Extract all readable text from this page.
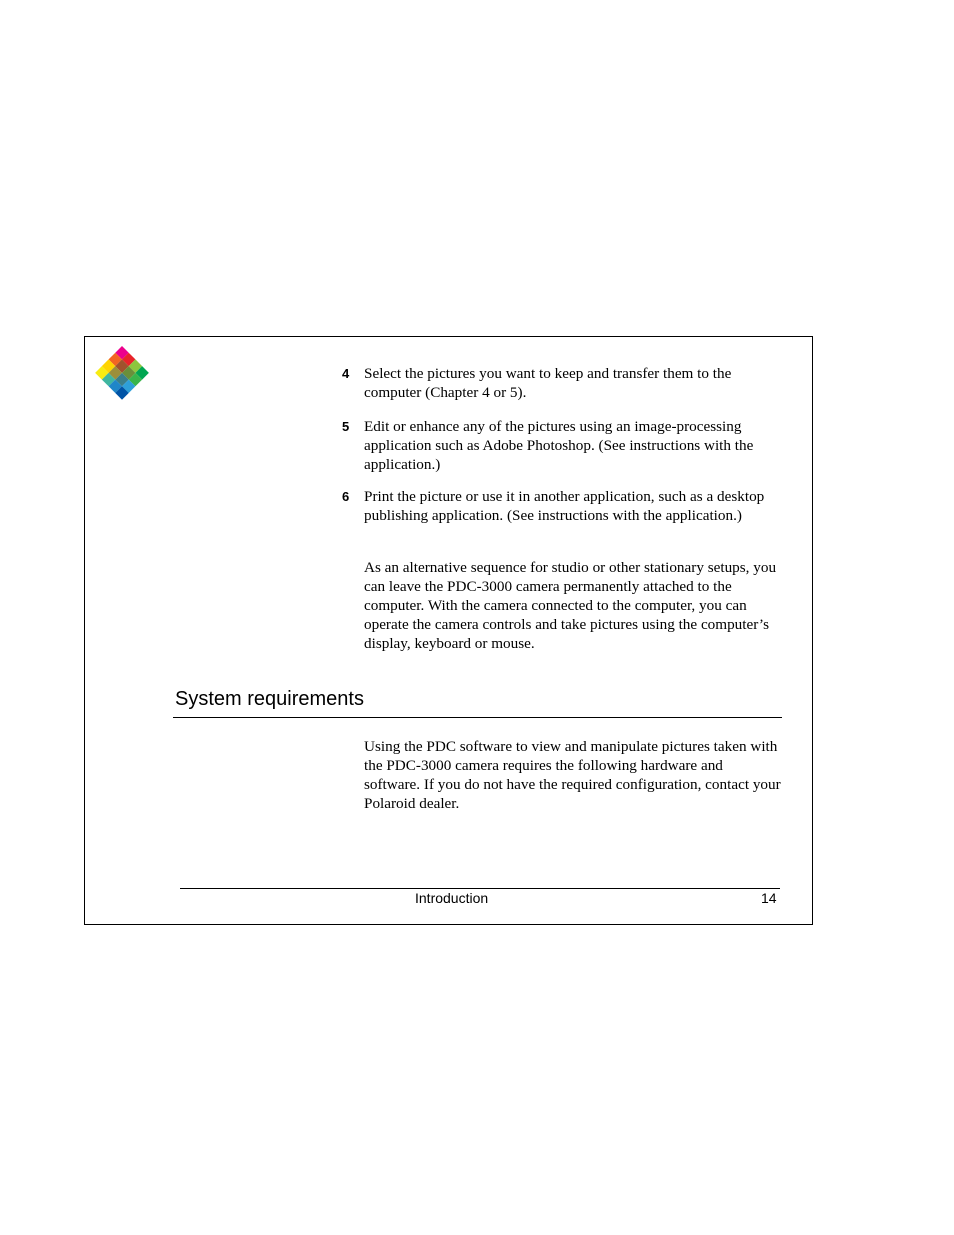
4 Select the pictures you want to keep and transfer them to the computer (Chapter 4 or 5).
5 Edit or enhance any of the pictures using an image-processing application such as Adobe Photoshop. (See instructions with the application.)
6 Print the picture or use it in another application, such as a desktop publishing application. (See instructions with the application.)
As an alternative sequence for studio or other stationary setups, you can leave the PDC-3000 camera permanently attached to the computer. With the camera connected to the computer, you can operate the camera controls and take pictures using the computer’s display, keyboard or mouse.
System requirements
Using the PDC software to view and manipulate pictures taken with the PDC-3000 camera requires the following hardware and software. If you do not have the required configuration, contact your Polaroid dealer.
Introduction	14
